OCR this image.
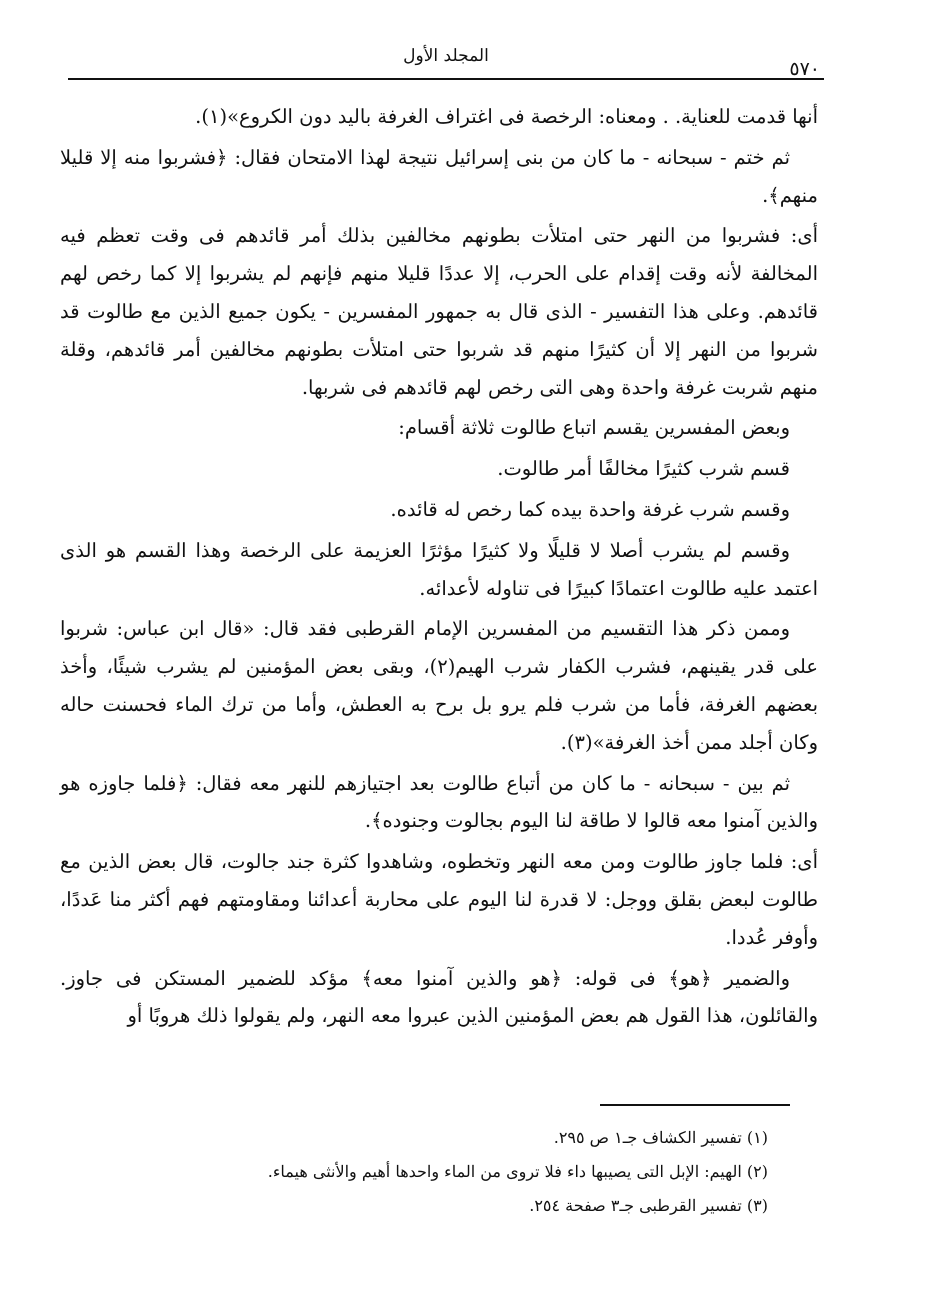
المجلد الأول
٥٧٠

أنها قدمت للعناية. . ومعناه: الرخصة فى اغتراف الغرفة باليد دون الكروع»(١).

ثم ختم - سبحانه - ما كان من بنى إسرائيل نتيجة لهذا الامتحان فقال: ﴿فشربوا منه إلا قليلا منهم﴾.

أى: فشربوا من النهر حتى امتلأت بطونهم مخالفين بذلك أمر قائدهم فى وقت تعظم فيه المخالفة لأنه وقت إقدام على الحرب، إلا عددًا قليلا منهم فإنهم لم يشربوا إلا كما رخص لهم قائدهم. وعلى هذا التفسير - الذى قال به جمهور المفسرين - يكون جميع الذين مع طالوت قد شربوا من النهر إلا أن كثيرًا منهم قد شربوا حتى امتلأت بطونهم مخالفين أمر قائدهم، وقلة منهم شربت غرفة واحدة وهى التى رخص لهم قائدهم فى شربها.

وبعض المفسرين يقسم اتباع طالوت ثلاثة أقسام:

قسم شرب كثيرًا مخالفًا أمر طالوت.

وقسم شرب غرفة واحدة بيده كما رخص له قائده.

وقسم لم يشرب أصلا لا قليلًا ولا كثيرًا مؤثرًا العزيمة على الرخصة وهذا القسم هو الذى اعتمد عليه طالوت اعتمادًا كبيرًا فى تناوله لأعدائه.

وممن ذكر هذا التقسيم من المفسرين الإمام القرطبى فقد قال: «قال ابن عباس: شربوا على قدر يقينهم، فشرب الكفار شرب الهيم(٢)، وبقى بعض المؤمنين لم يشرب شيئًا، وأخذ بعضهم الغرفة، فأما من شرب فلم يرو بل برح به العطش، وأما من ترك الماء فحسنت حاله وكان أجلد ممن أخذ الغرفة»(٣).

ثم بين - سبحانه - ما كان من أتباع طالوت بعد اجتيازهم للنهر معه فقال: ﴿فلما جاوزه هو والذين آمنوا معه قالوا لا طاقة لنا اليوم بجالوت وجنوده﴾.

أى: فلما جاوز طالوت ومن معه النهر وتخطوه، وشاهدوا كثرة جند جالوت، قال بعض الذين مع طالوت لبعض بقلق ووجل: لا قدرة لنا اليوم على محاربة أعدائنا ومقاومتهم فهم أكثر منا عَددًا، وأوفر عُددا.

والضمير ﴿هو﴾ فى قوله: ﴿هو والذين آمنوا معه﴾ مؤكد للضمير المستكن فى جاوز. والقائلون، هذا القول هم بعض المؤمنين الذين عبروا معه النهر، ولم يقولوا ذلك هروبًا أو

(١) تفسير الكشاف جـ١ ص ٢٩٥.

(٢) الهيم: الإبل التى يصيبها داء فلا تروى من الماء واحدها أهيم والأنثى هيماء.

(٣) تفسير القرطبى جـ٣ صفحة ٢٥٤.
